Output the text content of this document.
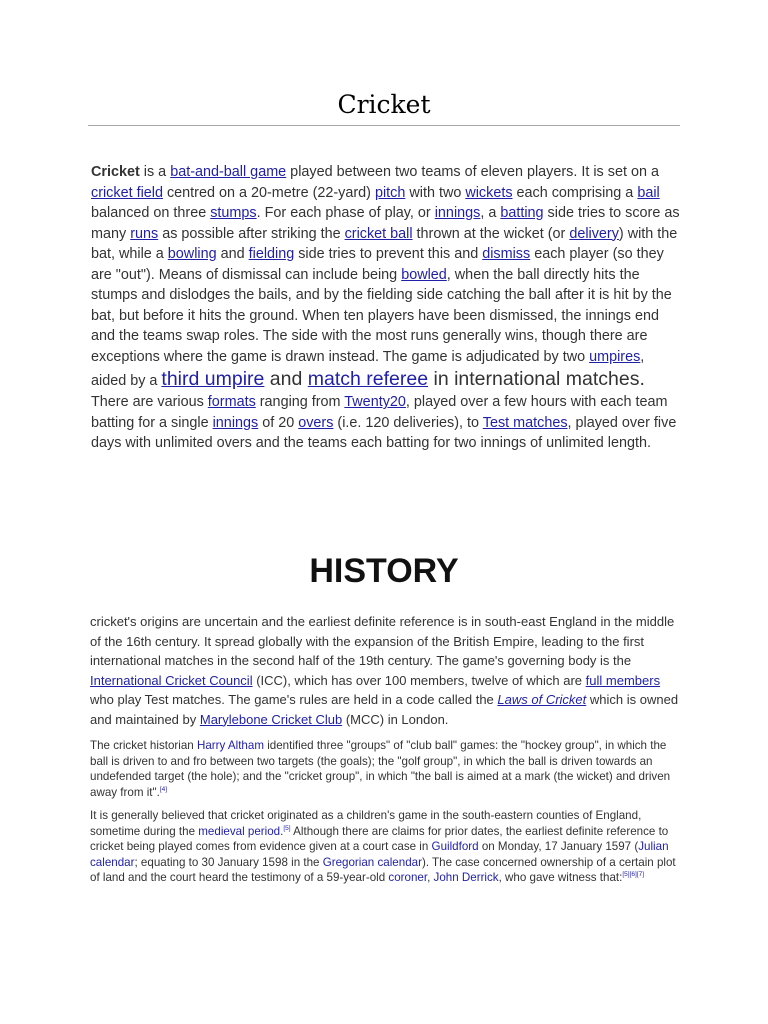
Cricket

Cricket is a bat-and-ball game played between two teams of eleven players. It is set on a cricket field centred on a 20-metre (22-yard) pitch with two wickets each comprising a bail balanced on three stumps. For each phase of play, or innings, a batting side tries to score as many runs as possible after striking the cricket ball thrown at the wicket (or delivery) with the bat, while a bowling and fielding side tries to prevent this and dismiss each player (so they are "out"). Means of dismissal can include being bowled, when the ball directly hits the stumps and dislodges the bails, and by the fielding side catching the ball after it is hit by the bat, but before it hits the ground. When ten players have been dismissed, the innings end and the teams swap roles. The side with the most runs generally wins, though there are exceptions where the game is drawn instead. The game is adjudicated by two umpires, aided by a third umpire and match referee in international matches. There are various formats ranging from Twenty20, played over a few hours with each team batting for a single innings of 20 overs (i.e. 120 deliveries), to Test matches, played over five days with unlimited overs and the teams each batting for two innings of unlimited length.

HISTORY

cricket's origins are uncertain and the earliest definite reference is in south-east England in the middle of the 16th century. It spread globally with the expansion of the British Empire, leading to the first international matches in the second half of the 19th century. The game's governing body is the International Cricket Council (ICC), which has over 100 members, twelve of which are full members who play Test matches. The game's rules are held in a code called the Laws of Cricket which is owned and maintained by Marylebone Cricket Club (MCC) in London.

The cricket historian Harry Altham identified three "groups" of "club ball" games: the "hockey group", in which the ball is driven to and fro between two targets (the goals); the "golf group", in which the ball is driven towards an undefended target (the hole); and the "cricket group", in which "the ball is aimed at a mark (the wicket) and driven away from it".[4]

It is generally believed that cricket originated as a children's game in the south-eastern counties of England, sometime during the medieval period.[5] Although there are claims for prior dates, the earliest definite reference to cricket being played comes from evidence given at a court case in Guildford on Monday, 17 January 1597 (Julian calendar; equating to 30 January 1598 in the Gregorian calendar). The case concerned ownership of a certain plot of land and the court heard the testimony of a 59-year-old coroner, John Derrick, who gave witness that:[5][6][7]
